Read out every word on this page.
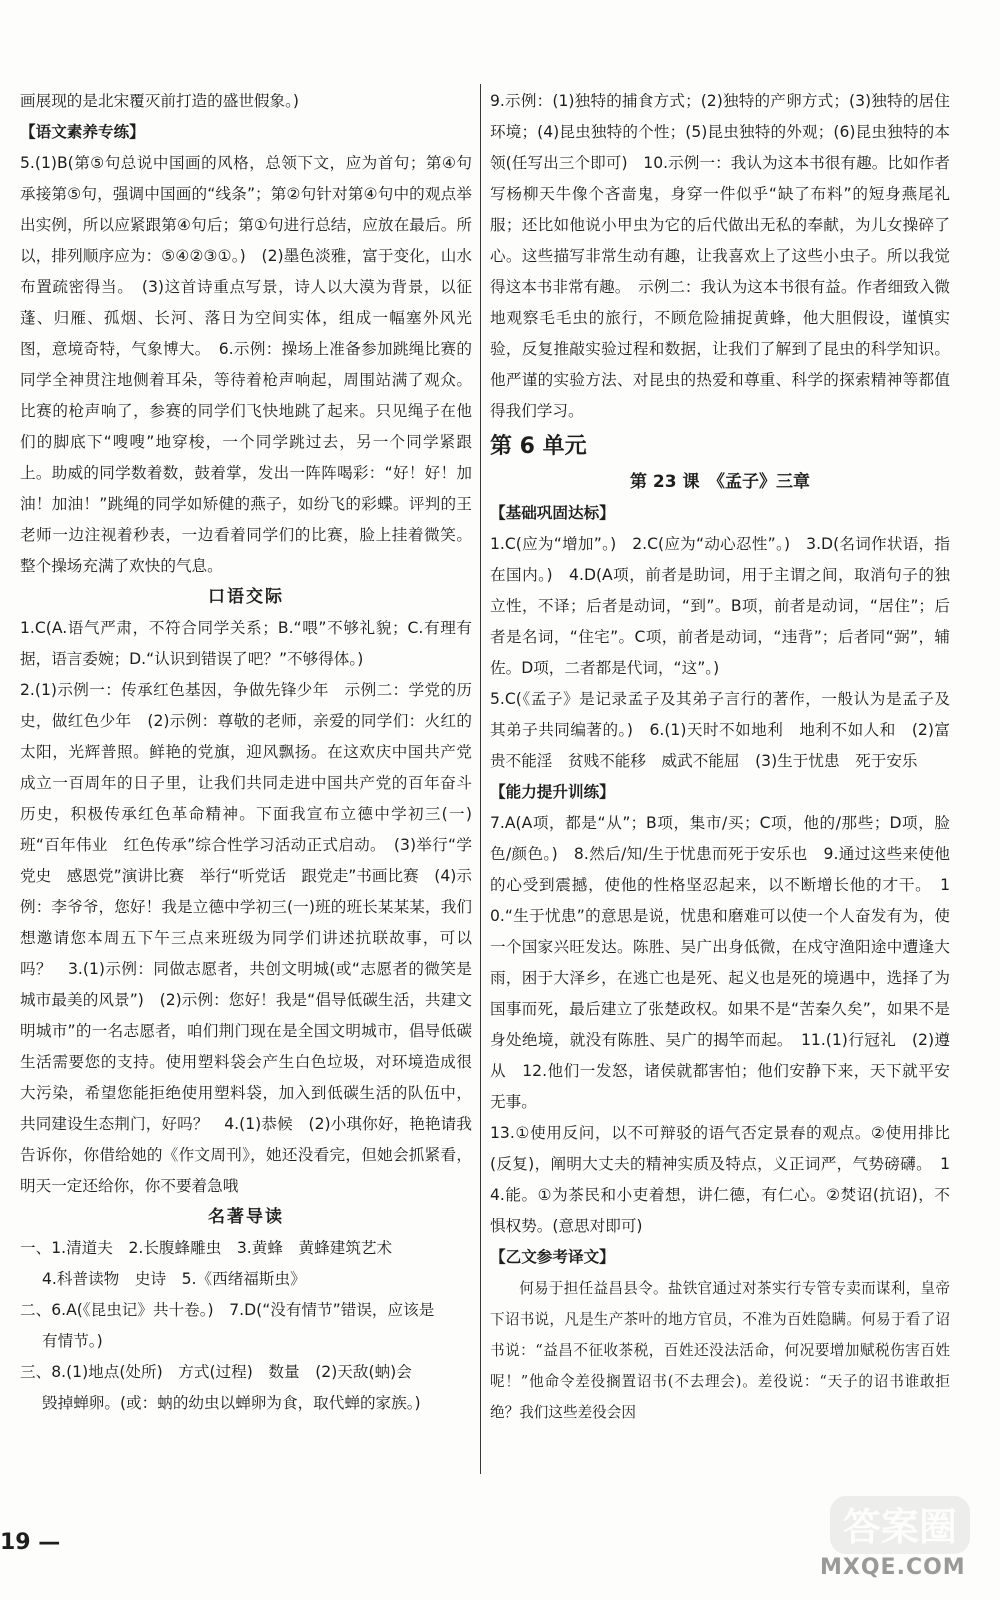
画展现的是北宋覆灭前打造的盛世假象。)

【语文素养专练】

5.(1)B(第⑤句总说中国画的风格，总领下文，应为首句；第④句承接第⑤句，强调中国画的“线条”；第②句针对第④句中的观点举出实例，所以应紧跟第④句后；第①句进行总结，应放在最后。所以，排列顺序应为：⑤④②③①。)　(2)墨色淡雅，富于变化，山水布置疏密得当。　(3)这首诗重点写景，诗人以大漠为背景，以征蓬、归雁、孤烟、长河、落日为空间实体，组成一幅塞外风光图，意境奇特，气象博大。　6.示例：操场上准备参加跳绳比赛的同学全神贯注地侧着耳朵，等待着枪声响起，周围站满了观众。比赛的枪声响了，参赛的同学们飞快地跳了起来。只见绳子在他们的脚底下“嗖嗖”地穿梭，一个同学跳过去，另一个同学紧跟上。助威的同学数着数，鼓着掌，发出一阵阵喝彩：“好！好！加油！加油！”跳绳的同学如矫健的燕子，如纷飞的彩蝶。评判的王老师一边注视着秒表，一边看着同学们的比赛，脸上挂着微笑。整个操场充满了欢快的气息。

口语交际

1.C(A.语气严肃，不符合同学关系；B.“喂”不够礼貌；C.有理有据，语言委婉；D.“认识到错误了吧？”不够得体。)

2.(1)示例一：传承红色基因，争做先锋少年　示例二：学党的历史，做红色少年　(2)示例：尊敬的老师，亲爱的同学们：火红的太阳，光辉普照。鲜艳的党旗，迎风飘扬。在这欢庆中国共产党成立一百周年的日子里，让我们共同走进中国共产党的百年奋斗历史，积极传承红色革命精神。下面我宣布立德中学初三(一)班“百年伟业　红色传承”综合性学习活动正式启动。　(3)举行“学党史　感恩党”演讲比赛　举行“听党话　跟党走”书画比赛　(4)示例：李爷爷，您好！我是立德中学初三(一)班的班长某某某，我们想邀请您本周五下午三点来班级为同学们讲述抗联故事，可以吗？　3.(1)示例：同做志愿者，共创文明城(或“志愿者的微笑是城市最美的风景”)　(2)示例：您好！我是“倡导低碳生活，共建文明城市”的一名志愿者，咱们荆门现在是全国文明城市，倡导低碳生活需要您的支持。使用塑料袋会产生白色垃圾，对环境造成很大污染，希望您能拒绝使用塑料袋，加入到低碳生活的队伍中，共同建设生态荆门，好吗？　4.(1)恭候　(2)小琪你好，艳艳请我告诉你，你借给她的《作文周刊》，她还没看完，但她会抓紧看，明天一定还给你，你不要着急哦

名著导读

一、1.清道夫　2.长腹蜂雕虫　3.黄蜂　黄蜂建筑艺术

4.科普读物　史诗　5.《西绪福斯虫》

二、6.A(《昆虫记》共十卷。)　7.D(“没有情节”错误，应该是

有情节。)

三、8.(1)地点(处所)　方式(过程)　数量　(2)天敌(蚋)会

毁掉蝉卵。(或：蚋的幼虫以蝉卵为食，取代蝉的家族。)

9.示例：(1)独特的捕食方式；(2)独特的产卵方式；(3)独特的居住环境；(4)昆虫独特的个性；(5)昆虫独特的外观；(6)昆虫独特的本领(任写出三个即可)　10.示例一：我认为这本书很有趣。比如作者写杨柳天牛像个吝啬鬼，身穿一件似乎“缺了布料”的短身燕尾礼服；还比如他说小甲虫为它的后代做出无私的奉献，为儿女操碎了心。这些描写非常生动有趣，让我喜欢上了这些小虫子。所以我觉得这本书非常有趣。　示例二：我认为这本书很有益。作者细致入微地观察毛毛虫的旅行，不顾危险捕捉黄蜂，他大胆假设，谨慎实验，反复推敲实验过程和数据，让我们了解到了昆虫的科学知识。他严谨的实验方法、对昆虫的热爱和尊重、科学的探索精神等都值得我们学习。

第 6 单元

第 23 课　《孟子》三章

【基础巩固达标】

1.C(应为“增加”。)　2.C(应为“动心忍性”。)　3.D(名词作状语，指在国内。)　4.D(A项，前者是助词，用于主谓之间，取消句子的独立性，不译；后者是动词，“到”。B项，前者是动词，“居住”；后者是名词，“住宅”。C项，前者是动词，“违背”；后者同“弼”，辅佐。D项，二者都是代词，“这”。)

5.C(《孟子》是记录孟子及其弟子言行的著作，一般认为是孟子及其弟子共同编著的。)　6.(1)天时不如地利　地利不如人和　(2)富贵不能淫　贫贱不能移　威武不能屈　(3)生于忧患　死于安乐

【能力提升训练】

7.A(A项，都是“从”；B项，集市/买；C项，他的/那些；D项，脸色/颜色。)　8.然后/知/生于忧患而死于安乐也　9.通过这些来使他的心受到震撼，使他的性格坚忍起来，以不断增长他的才干。　10.“生于忧患”的意思是说，忧患和磨难可以使一个人奋发有为，使一个国家兴旺发达。陈胜、吴广出身低微，在戍守渔阳途中遭逢大雨，困于大泽乡，在逃亡也是死、起义也是死的境遇中，选择了为国事而死，最后建立了张楚政权。如果不是“苦秦久矣”，如果不是身处绝境，就没有陈胜、吴广的揭竿而起。　11.(1)行冠礼　(2)遵从　12.他们一发怒，诸侯就都害怕；他们安静下来，天下就平安无事。

13.①使用反问，以不可辩驳的语气否定景春的观点。②使用排比(反复)，阐明大丈夫的精神实质及特点，义正词严，气势磅礴。　14.能。①为茶民和小吏着想，讲仁德，有仁心。②焚诏(抗诏)，不惧权势。(意思对即可)

【乙文参考译文】

何易于担任益昌县令。盐铁官通过对茶实行专管专卖而谋利，皇帝下诏书说，凡是生产茶叶的地方官员，不准为百姓隐瞒。何易于看了诏书说：“益昌不征收茶税，百姓还没法活命，何况要增加赋税伤害百姓呢！”他命令差役搁置诏书(不去理会)。差役说：“天子的诏书谁敢拒绝？我们这些差役会因

19 —	答案圈
MXQE.COM
